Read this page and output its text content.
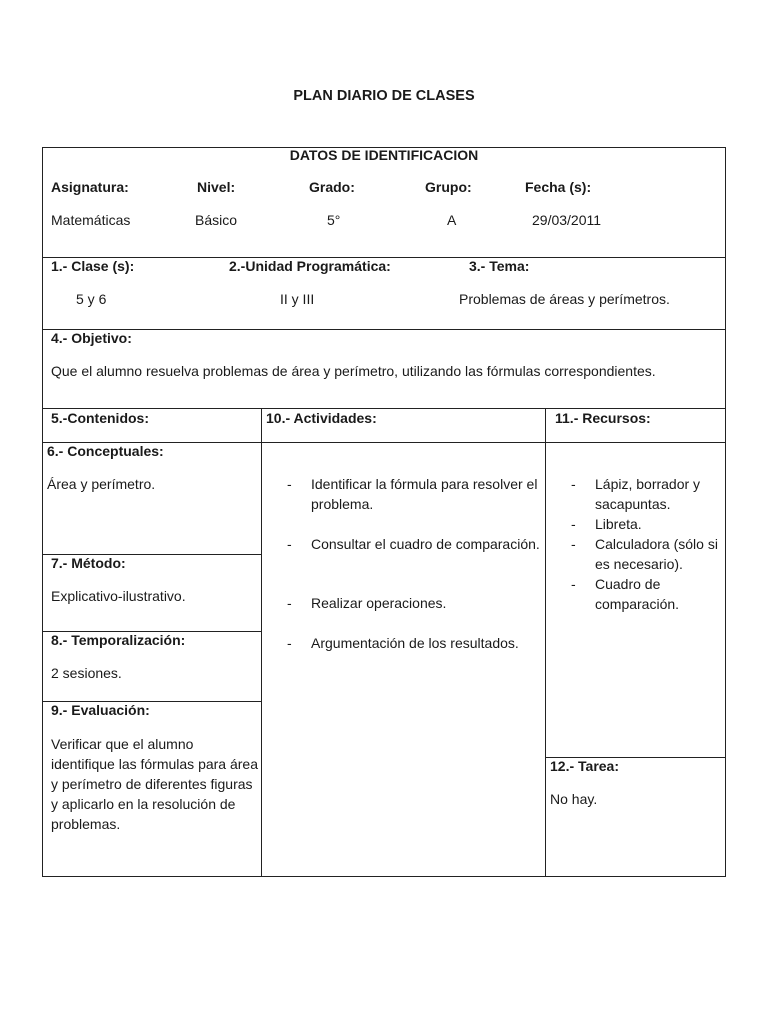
PLAN DIARIO DE CLASES
DATOS DE IDENTIFICACION
Asignatura:	Nivel:	Grado:	Grupo:	Fecha (s):
Matemáticas	Básico	5°	A	29/03/2011
1.- Clase (s):	2.-Unidad Programática:	3.- Tema:
5 y 6	II y III	Problemas de áreas y perímetros.
4.- Objetivo:
Que el alumno resuelva problemas de área y perímetro, utilizando las fórmulas correspondientes.
5.-Contenidos:	10.- Actividades:	11.- Recursos:
6.- Conceptuales:
Área y perímetro.
7.- Método:
Explicativo-ilustrativo.
8.- Temporalización:
2 sesiones.
9.- Evaluación:
Verificar que el alumno identifique las fórmulas para área y perímetro de diferentes figuras y aplicarlo en la resolución de problemas.
- Identificar la fórmula para resolver el problema.
- Consultar el cuadro de comparación.
- Realizar operaciones.
- Argumentación de los resultados.
- Lápiz, borrador y sacapuntas.
- Libreta.
- Calculadora (sólo si es necesario).
- Cuadro de comparación.
12.- Tarea:
No hay.
